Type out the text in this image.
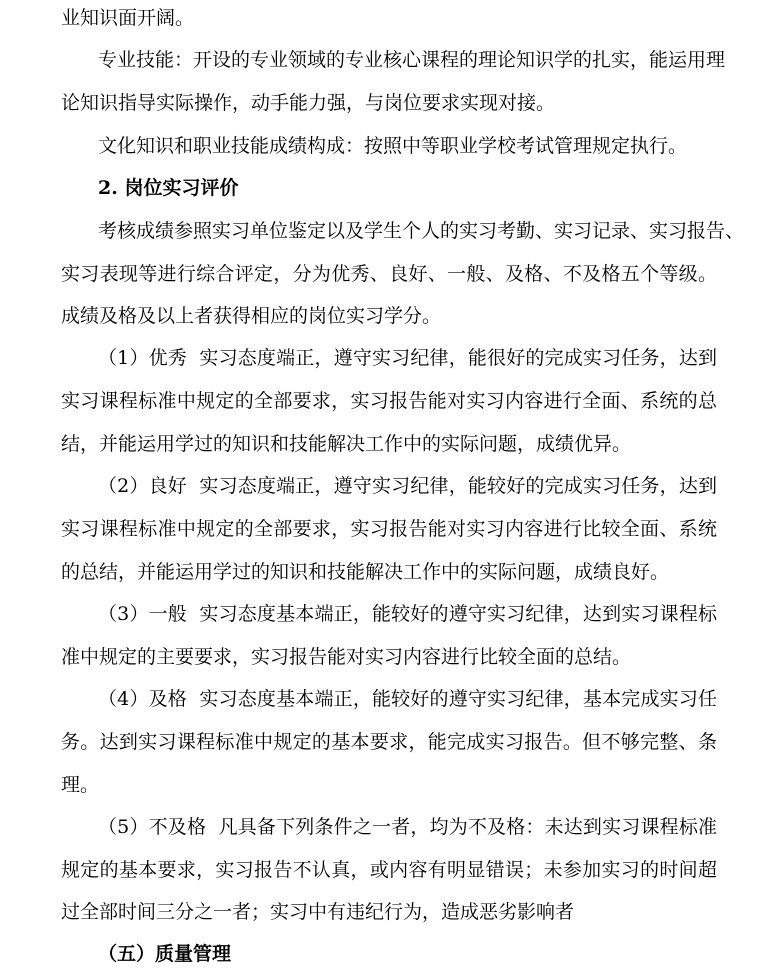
业知识面开阔。
专业技能：开设的专业领域的专业核心课程的理论知识学的扎实，能运用理
论知识指导实际操作，动手能力强，与岗位要求实现对接。
文化知识和职业技能成绩构成：按照中等职业学校考试管理规定执行。
2. 岗位实习评价
考核成绩参照实习单位鉴定以及学生个人的实习考勤、实习记录、实习报告、
实习表现等进行综合评定，分为优秀、良好、一般、及格、不及格五个等级。
成绩及格及以上者获得相应的岗位实习学分。
（1）优秀  实习态度端正，遵守实习纪律，能很好的完成实习任务，达到
实习课程标准中规定的全部要求，实习报告能对实习内容进行全面、系统的总
结，并能运用学过的知识和技能解决工作中的实际问题，成绩优异。
（2）良好  实习态度端正，遵守实习纪律，能较好的完成实习任务，达到
实习课程标准中规定的全部要求，实习报告能对实习内容进行比较全面、系统
的总结，并能运用学过的知识和技能解决工作中的实际问题，成绩良好。
（3）一般  实习态度基本端正，能较好的遵守实习纪律，达到实习课程标
准中规定的主要要求，实习报告能对实习内容进行比较全面的总结。
（4）及格  实习态度基本端正，能较好的遵守实习纪律，基本完成实习任
务。达到实习课程标准中规定的基本要求，能完成实习报告。但不够完整、条
理。
（5）不及格  凡具备下列条件之一者，均为不及格：未达到实习课程标准
规定的基本要求，实习报告不认真，或内容有明显错误；未参加实习的时间超
过全部时间三分之一者；实习中有违纪行为，造成恶劣影响者
（五）质量管理
